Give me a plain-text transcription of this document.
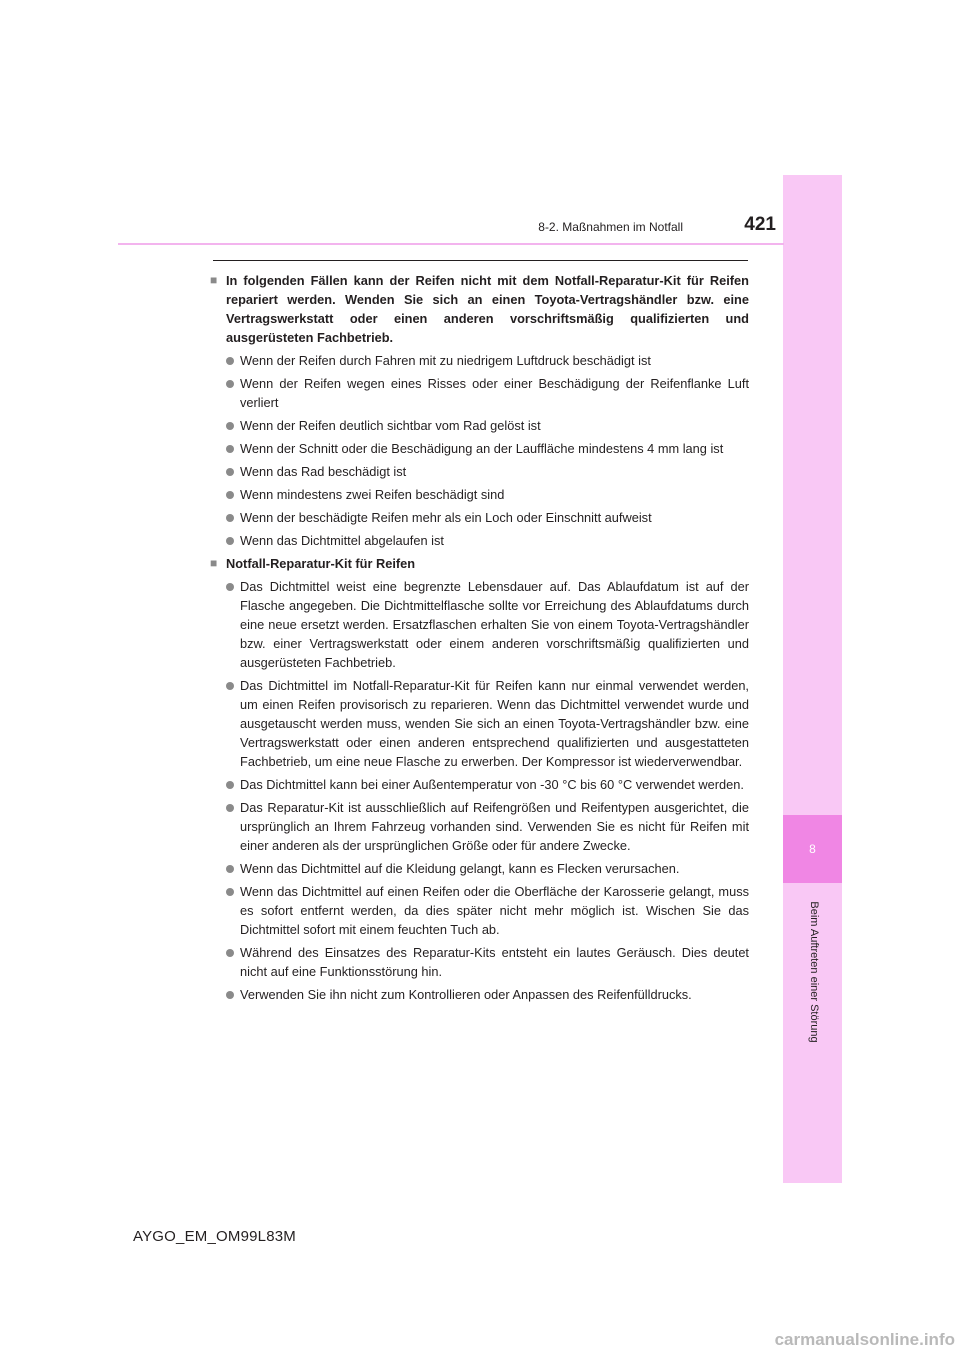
8
Beim Auftreten einer Störung
8-2. Maßnahmen im Notfall	421
■ In folgenden Fällen kann der Reifen nicht mit dem Notfall-Reparatur-Kit für Reifen repariert werden. Wenden Sie sich an einen Toyota-Vertragshändler bzw. eine Vertragswerkstatt oder einen anderen vorschriftsmäßig qualifizierten und ausgerüsteten Fachbetrieb.
Wenn der Reifen durch Fahren mit zu niedrigem Luftdruck beschädigt ist
Wenn der Reifen wegen eines Risses oder einer Beschädigung der Reifenflanke Luft verliert
Wenn der Reifen deutlich sichtbar vom Rad gelöst ist
Wenn der Schnitt oder die Beschädigung an der Lauffläche mindestens 4 mm lang ist
Wenn das Rad beschädigt ist
Wenn mindestens zwei Reifen beschädigt sind
Wenn der beschädigte Reifen mehr als ein Loch oder Einschnitt aufweist
Wenn das Dichtmittel abgelaufen ist
■ Notfall-Reparatur-Kit für Reifen
Das Dichtmittel weist eine begrenzte Lebensdauer auf. Das Ablaufdatum ist auf der Flasche angegeben. Die Dichtmittelflasche sollte vor Erreichung des Ablaufdatums durch eine neue ersetzt werden. Ersatzflaschen erhalten Sie von einem Toyota-Vertragshändler bzw. einer Vertragswerkstatt oder einem anderen vorschriftsmäßig qualifizierten und ausgerüsteten Fachbetrieb.
Das Dichtmittel im Notfall-Reparatur-Kit für Reifen kann nur einmal verwendet werden, um einen Reifen provisorisch zu reparieren. Wenn das Dichtmittel verwendet wurde und ausgetauscht werden muss, wenden Sie sich an einen Toyota-Vertragshändler bzw. eine Vertragswerkstatt oder einen anderen entsprechend qualifizierten und ausgestatteten Fachbetrieb, um eine neue Flasche zu erwerben. Der Kompressor ist wiederverwendbar.
Das Dichtmittel kann bei einer Außentemperatur von -30 °C bis 60 °C verwendet werden.
Das Reparatur-Kit ist ausschließlich auf Reifengrößen und Reifentypen ausgerichtet, die ursprünglich an Ihrem Fahrzeug vorhanden sind. Verwenden Sie es nicht für Reifen mit einer anderen als der ursprünglichen Größe oder für andere Zwecke.
Wenn das Dichtmittel auf die Kleidung gelangt, kann es Flecken verursachen.
Wenn das Dichtmittel auf einen Reifen oder die Oberfläche der Karosserie gelangt, muss es sofort entfernt werden, da dies später nicht mehr möglich ist. Wischen Sie das Dichtmittel sofort mit einem feuchten Tuch ab.
Während des Einsatzes des Reparatur-Kits entsteht ein lautes Geräusch. Dies deutet nicht auf eine Funktionsstörung hin.
Verwenden Sie ihn nicht zum Kontrollieren oder Anpassen des Reifenfülldrucks.
AYGO_EM_OM99L83M
carmanualsonline.info
